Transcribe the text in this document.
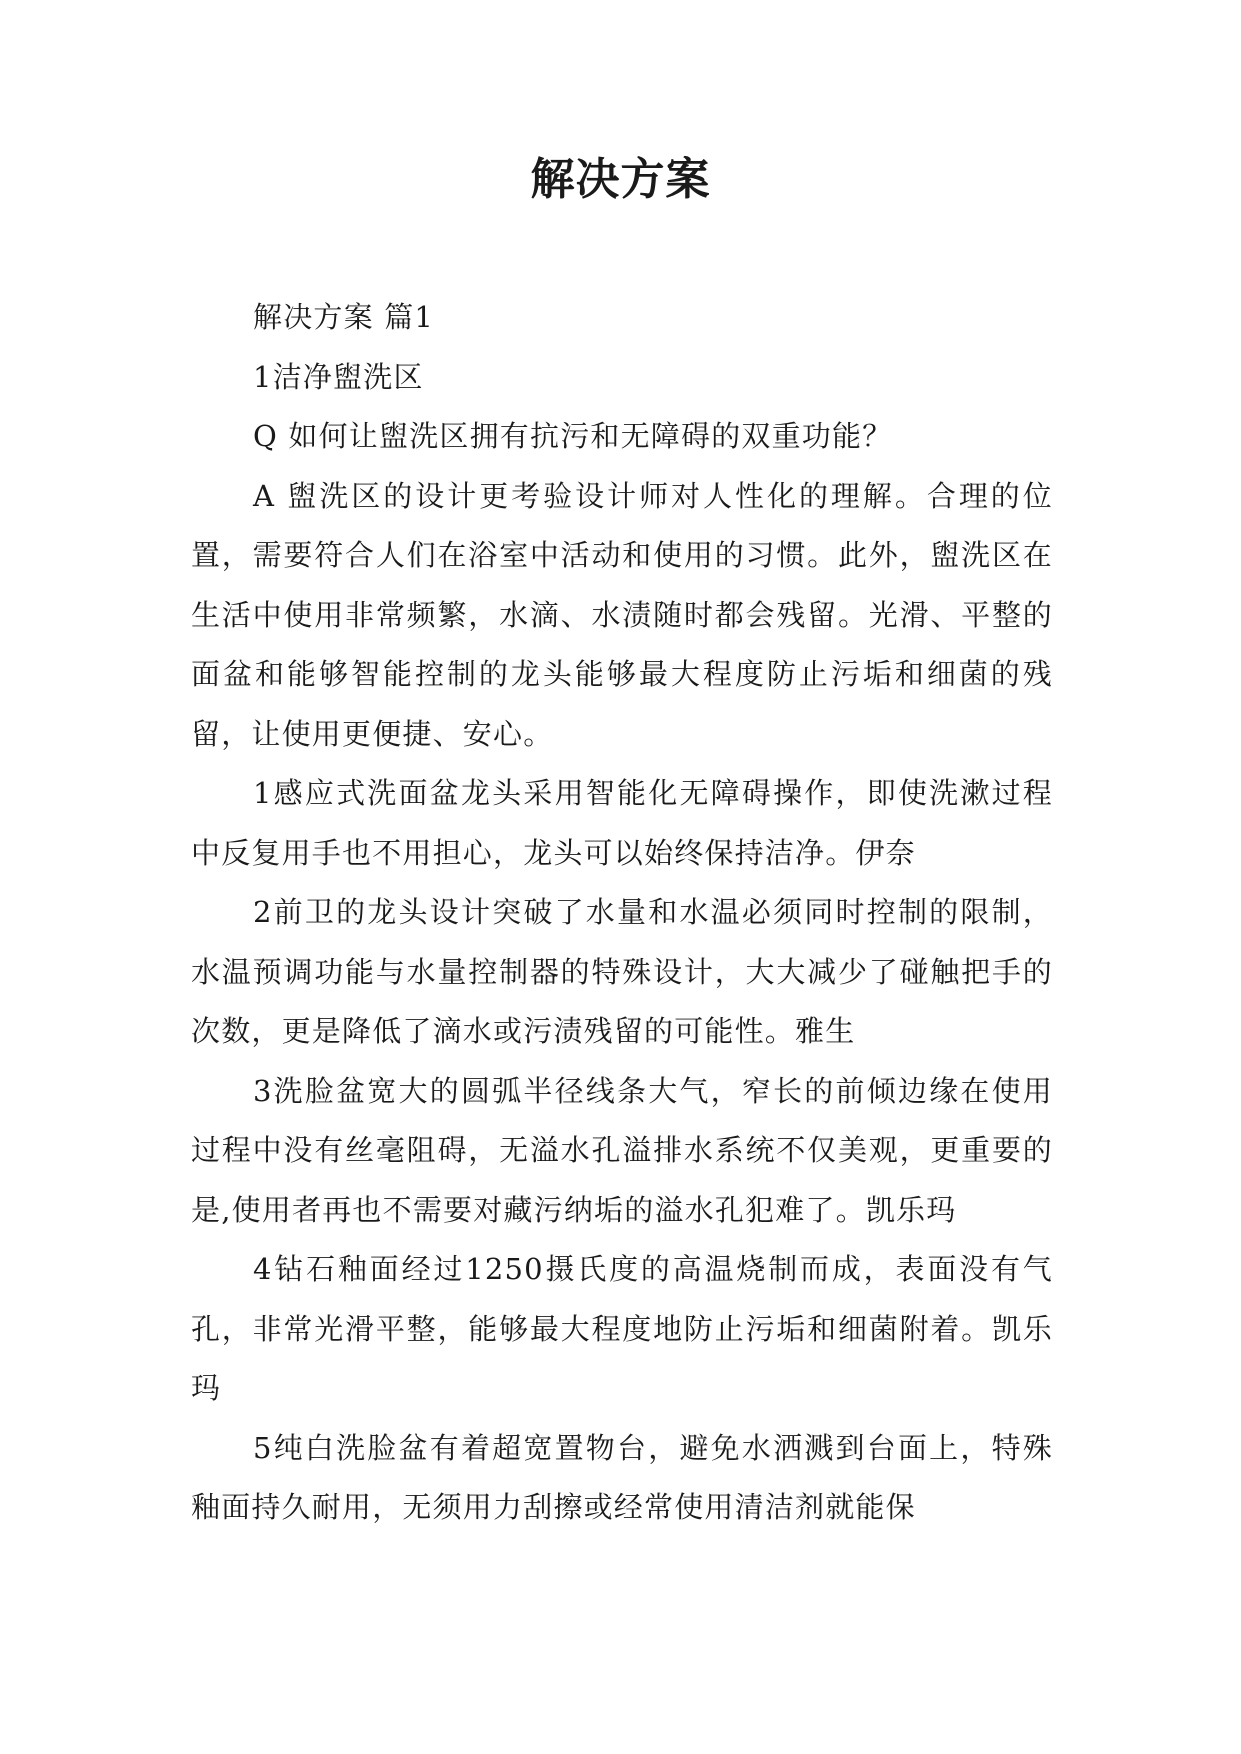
解决方案

解决方案 篇1

1洁净盥洗区

Q 如何让盥洗区拥有抗污和无障碍的双重功能？

A 盥洗区的设计更考验设计师对人性化的理解。合理的位置，需要符合人们在浴室中活动和使用的习惯。此外，盥洗区在生活中使用非常频繁，水滴、水渍随时都会残留。光滑、平整的面盆和能够智能控制的龙头能够最大程度防止污垢和细菌的残留，让使用更便捷、安心。

1感应式洗面盆龙头采用智能化无障碍操作，即使洗漱过程中反复用手也不用担心，龙头可以始终保持洁净。伊奈

2前卫的龙头设计突破了水量和水温必须同时控制的限制，水温预调功能与水量控制器的特殊设计，大大减少了碰触把手的次数，更是降低了滴水或污渍残留的可能性。雅生

3洗脸盆宽大的圆弧半径线条大气，窄长的前倾边缘在使用过程中没有丝毫阻碍，无溢水孔溢排水系统不仅美观，更重要的是,使用者再也不需要对藏污纳垢的溢水孔犯难了。凯乐玛

4钻石釉面经过1250摄氏度的高温烧制而成，表面没有气孔，非常光滑平整，能够最大程度地防止污垢和细菌附着。凯乐玛

5纯白洗脸盆有着超宽置物台，避免水洒溅到台面上，特殊釉面持久耐用，无须用力刮擦或经常使用清洁剂就能保
